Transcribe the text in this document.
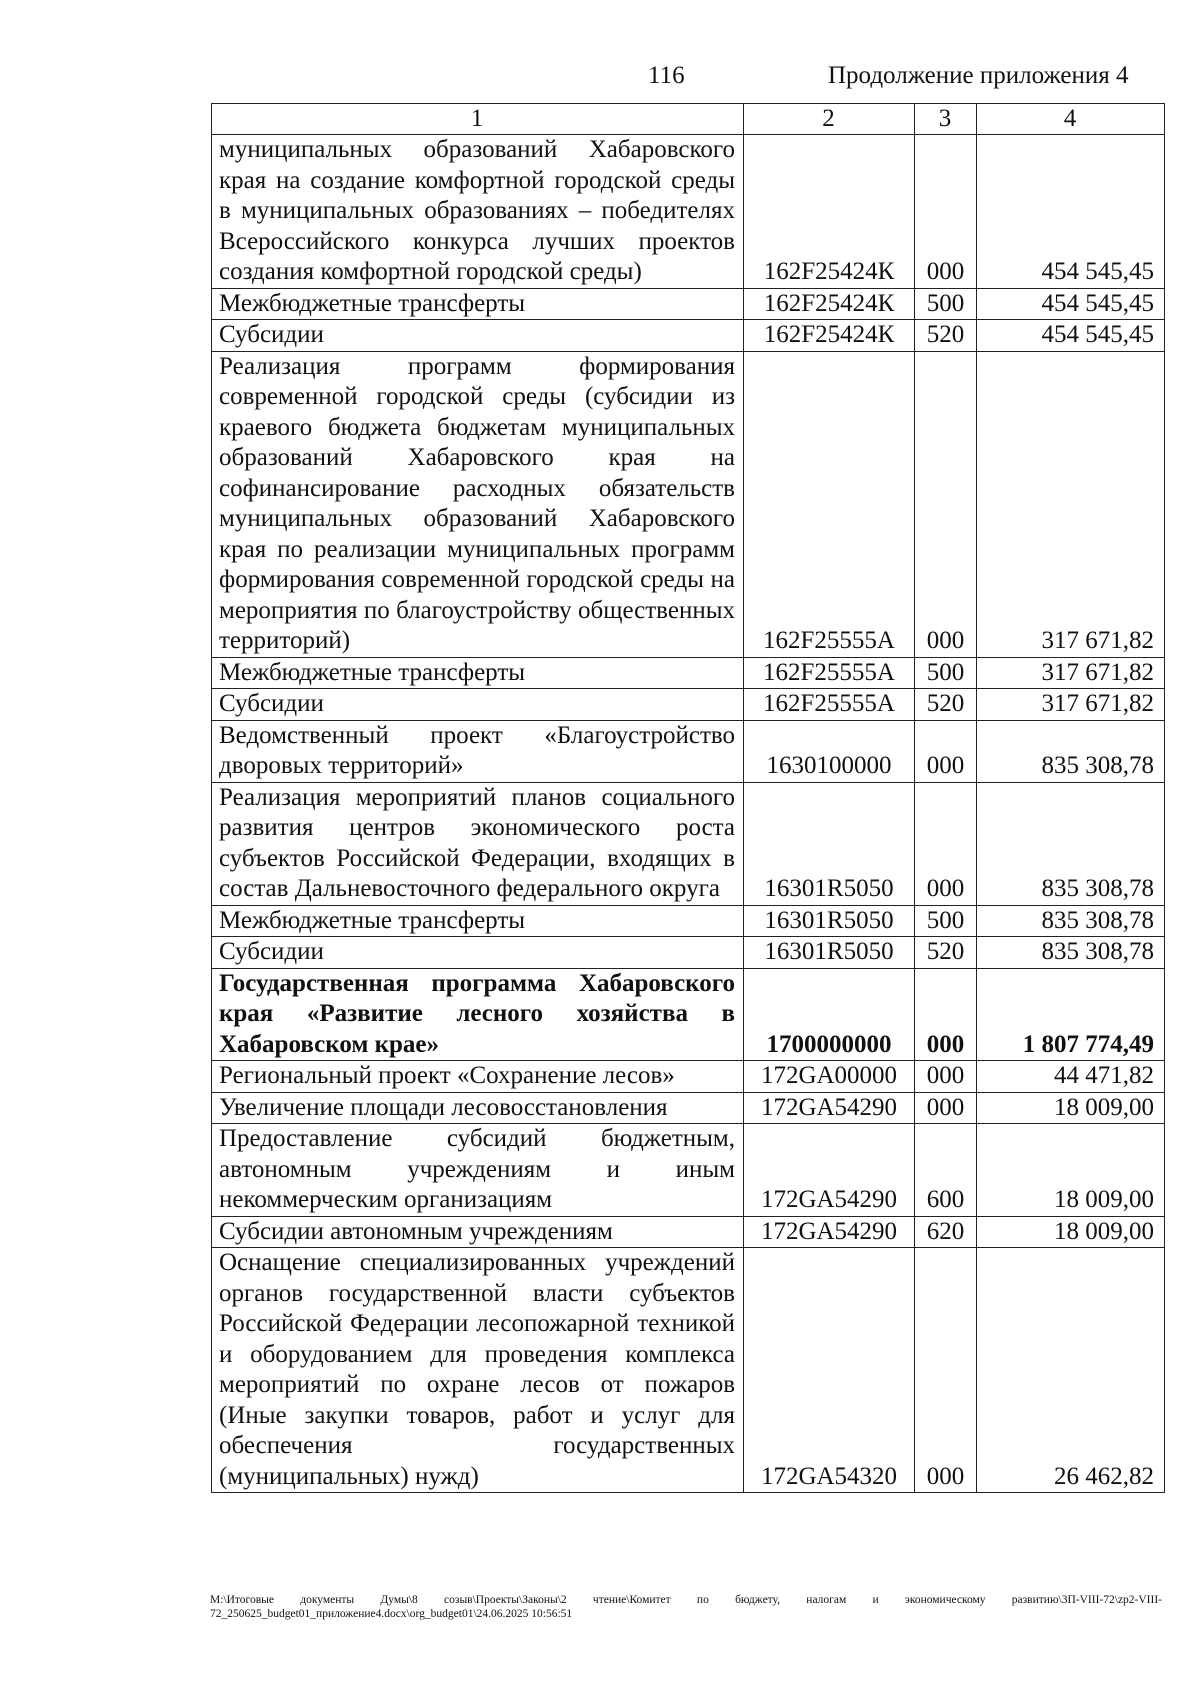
116	Продолжение приложения 4
1	2	3	4
муниципальных образований Хабаровского края на создание комфортной городской среды в муниципальных образованиях – победителях Всероссийского конкурса лучших проектов создания комфортной городской среды)	162F25424К	000	454 545,45
Межбюджетные трансферты	162F25424К	500	454 545,45
Субсидии	162F25424К	520	454 545,45
Реализация программ формирования современной городской среды (субсидии из краевого бюджета бюджетам муниципальных образований Хабаровского края на софинансирование расходных обязательств муниципальных образований Хабаровского края по реализации муниципальных программ формирования современной городской среды на мероприятия по благоустройству общественных территорий)	162F25555А	000	317 671,82
Межбюджетные трансферты	162F25555А	500	317 671,82
Субсидии	162F25555А	520	317 671,82
Ведомственный проект «Благоустройство дворовых территорий»	1630100000	000	835 308,78
Реализация мероприятий планов социального развития центров экономического роста субъектов Российской Федерации, входящих в состав Дальневосточного федерального округа	16301R5050	000	835 308,78
Межбюджетные трансферты	16301R5050	500	835 308,78
Субсидии	16301R5050	520	835 308,78
Государственная программа Хабаровского края «Развитие лесного хозяйства в Хабаровском крае»	1700000000	000	1 807 774,49
Региональный проект «Сохранение лесов»	172GA00000	000	44 471,82
Увеличение площади лесовосстановления	172GA54290	000	18 009,00
Предоставление субсидий бюджетным, автономным учреждениям и иным некоммерческим организациям	172GA54290	600	18 009,00
Субсидии автономным учреждениям	172GA54290	620	18 009,00
Оснащение специализированных учреждений органов государственной власти субъектов Российской Федерации лесопожарной техникой и оборудованием для проведения комплекса мероприятий по охране лесов от пожаров (Иные закупки товаров, работ и услуг для обеспечения государственных (муниципальных) нужд)	172GA54320	000	26 462,82
M:\Итоговые документы Думы\8 созыв\Проекты\Законы\2 чтение\Комитет по бюджету, налогам и экономическому развитию\3П-VIII-72\zp2-VIII-72_250625_budget01_приложение4.docx\org_budget01\24.06.2025 10:56:51
